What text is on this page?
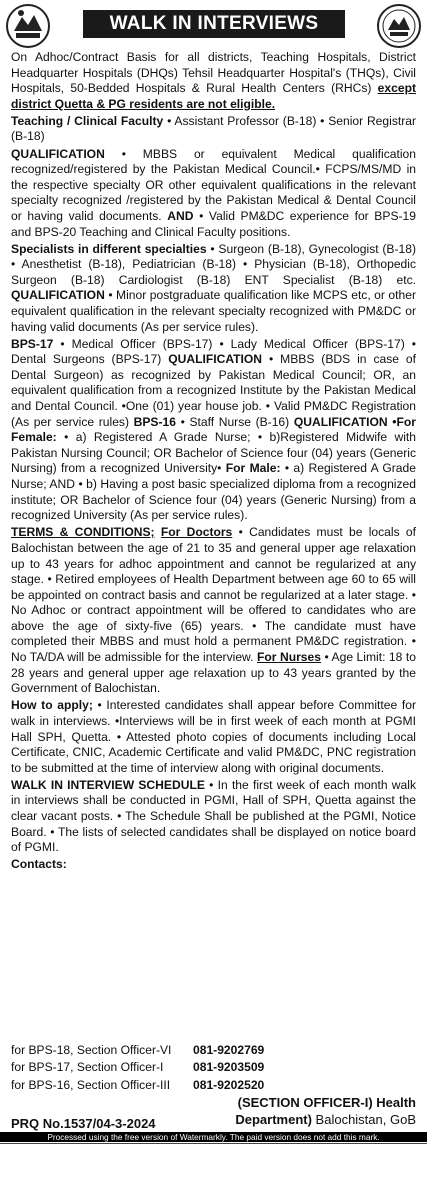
WALK IN INTERVIEWS

On Adhoc/Contract Basis for all districts, Teaching Hospitals, District Headquarter Hospitals (DHQs) Tehsil Headquarter Hospital's (THQs), Civil Hospitals, 50-Bedded Hospitals & Rural Health Centers (RHCs) except district Quetta & PG residents are not eligible.

Teaching / Clinical Faculty • Assistant Professor (B-18) • Senior Registrar (B-18)

QUALIFICATION • MBBS or equivalent Medical qualification recognized/registered by the Pakistan Medical Council.• FCPS/MS/MD in the respective specialty OR other equivalent qualifications in the relevant specialty recognized /registered by the Pakistan Medical & Dental Council or having valid documents. AND • Valid PM&DC experience for BPS-19 and BPS-20 Teaching and Clinical Faculty positions.

Specialists in different specialties • Surgeon (B-18), Gynecologist (B-18) • Anesthetist (B-18), Pediatrician (B-18) • Physician (B-18), Orthopedic Surgeon (B-18) Cardiologist (B-18) ENT Specialist (B-18) etc. QUALIFICATION • Minor postgraduate qualification like MCPS etc, or other equivalent qualification in the relevant specialty recognized with PM&DC or having valid documents (As per service rules).

BPS-17 • Medical Officer (BPS-17) • Lady Medical Officer (BPS-17) • Dental Surgeons (BPS-17) QUALIFICATION • MBBS (BDS in case of Dental Surgeon) as recognized by Pakistan Medical Council; OR, an equivalent qualification from a recognized Institute by the Pakistan Medical and Dental Council. •One (01) year house job. • Valid PM&DC Registration (As per service rules) BPS-16 • Staff Nurse (B-16) QUALIFICATION •For Female: • a) Registered A Grade Nurse; • b)Registered Midwife with Pakistan Nursing Council; OR Bachelor of Science four (04) years (Generic Nursing) from a recognized University• For Male: • a) Registered A Grade Nurse; AND • b) Having a post basic specialized diploma from a recognized institute; OR Bachelor of Science four (04) years (Generic Nursing) from a recognized University (As per service rules).

TERMS & CONDITIONS; For Doctors • Candidates must be locals of Balochistan between the age of 21 to 35 and general upper age relaxation up to 43 years for adhoc appointment and cannot be regularized at any stage. • Retired employees of Health Department between age 60 to 65 will be appointed on contract basis and cannot be regularized at a later stage. • No Adhoc or contract appointment will be offered to candidates who are above the age of sixty-five (65) years. • The candidate must have completed their MBBS and must hold a permanent PM&DC registration. • No TA/DA will be admissible for the interview. For Nurses • Age Limit: 18 to 28 years and general upper age relaxation up to 43 years granted by the Government of Balochistan.

How to apply; • Interested candidates shall appear before Committee for walk in interviews. •Interviews will be in first week of each month at PGMI Hall SPH, Quetta. • Attested photo copies of documents including Local Certificate, CNIC, Academic Certificate and valid PM&DC, PNC registration to be submitted at the time of interview along with original documents.

WALK IN INTERVIEW SCHEDULE • In the first week of each month walk in interviews shall be conducted in PGMI, Hall of SPH, Quetta against the clear vacant posts. • The Schedule Shall be published at the PGMI, Notice Board. • The lists of selected candidates shall be displayed on notice board of PGMI.

Contacts:

for BPS-18, Section Officer-VI	081-9202769
for BPS-17, Section Officer-I	081-9203509
for BPS-16, Section Officer-III	081-9202520
(SECTION OFFICER-I) Health
Department) Balochistan, GoB
PRQ No.1537/04-3-2024
Processed using the free version of Watermarkly. The paid version does not add this mark.
